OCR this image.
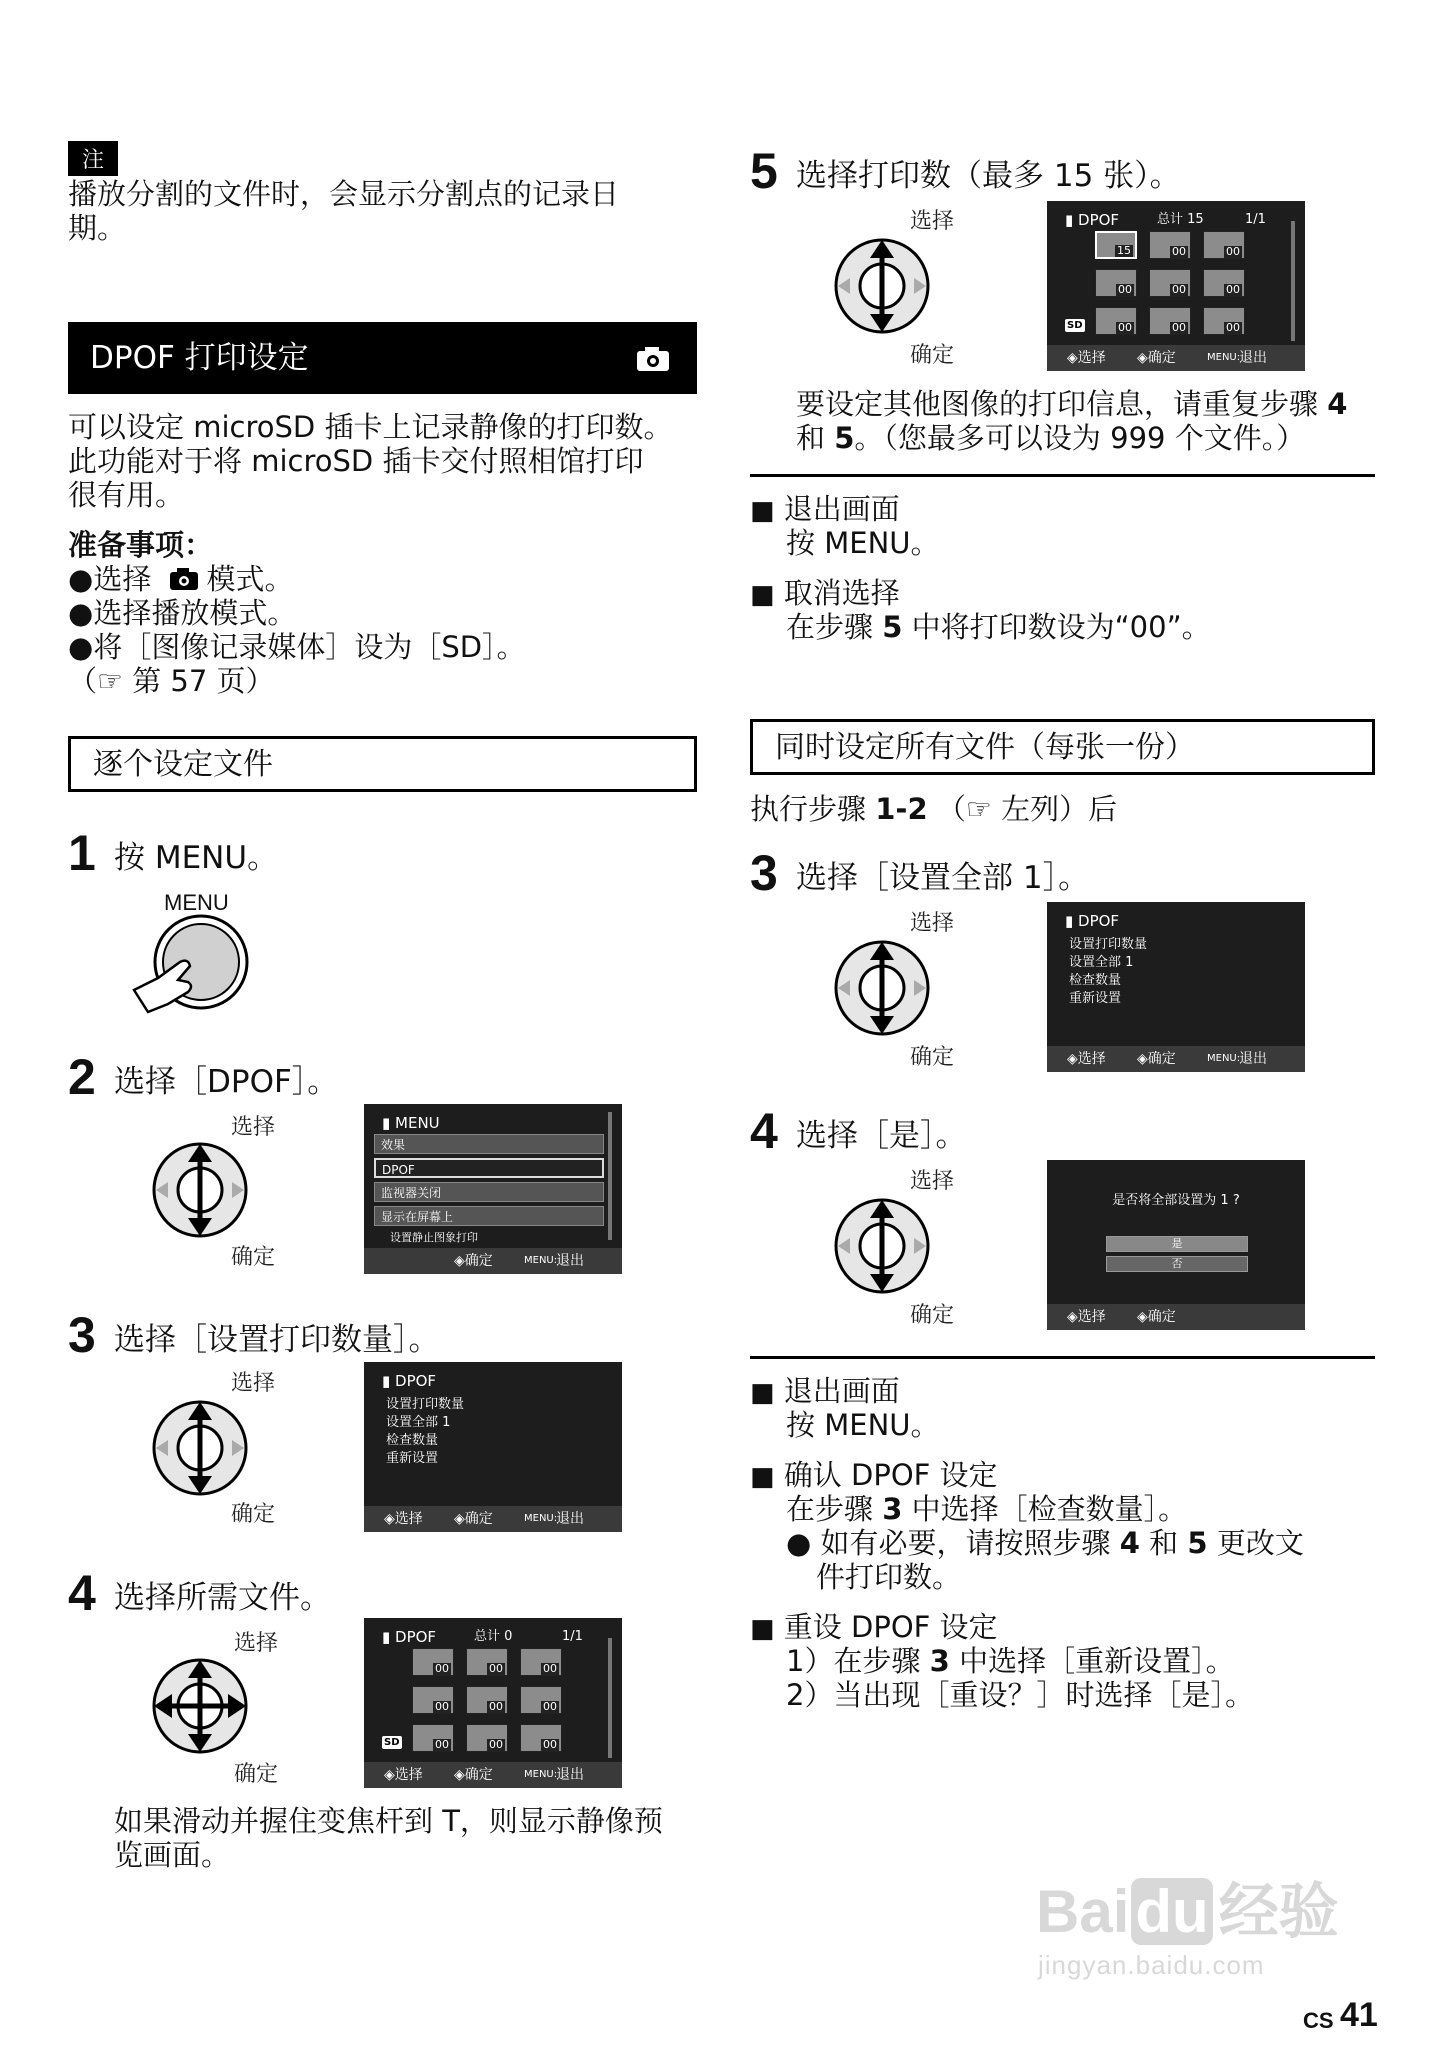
注
播放分割的文件时，会显示分割点的记录日
期。
DPOF 打印设定
可以设定 microSD 插卡上记录静像的打印数。
此功能对于将 microSD 插卡交付照相馆打印
很有用。
准备事项：
●选择 模式。
●选择播放模式。
●将［图像记录媒体］设为［SD］。
（☞ 第 57 页）
逐个设定文件
1 按 MENU。
MENU
2 选择［DPOF］。
选择
确定
▮ MENU
效果
DPOF
监视器关闭
显示在屏幕上
设置静止图象打印
◈确定	MENU:
退出
3 选择［设置打印数量］。
选择
确定
▮ DPOF
设置打印数量
设置全部 1
检查数量
重新设置
◈选择 ◈确定	MENU:
退出
4 选择所需文件。
选择
确定
▮ DPOF	总计 0	1/1
00	00	00
00	00	00
00	00	00
SD
◈选择 ◈确定	MENU:
退出
如果滑动并握住变焦杆到 T，则显示静像预
览画面。
5 选择打印数（最多 15 张）。
选择
确定
▮ DPOF	总计 15	1/1
15	00	00
00	00	00
00	00	00
SD
◈选择 ◈确定	MENU:
退出
要设定其他图像的打印信息，请重复步骤 4
和 5。（您最多可以设为 999 个文件。）
■ 退出画面
按 MENU。
■ 取消选择
在步骤 5 中将打印数设为“00”。
同时设定所有文件（每张一份）
执行步骤 1-2 （☞ 左列）后
3 选择［设置全部 1］。
选择
确定
▮ DPOF
设置打印数量
设置全部 1
检查数量
重新设置
◈选择 ◈确定	MENU:
退出
4 选择［是］。
选择
确定
是否将全部设置为 1 ?
是
否
◈选择 ◈确定
■ 退出画面
按 MENU。
■ 确认 DPOF 设定
在步骤 3 中选择［检查数量］。
● 如有必要，请按照步骤 4 和 5 更改文
件打印数。
■ 重设 DPOF 设定
1）在步骤 3 中选择［重新设置］。
2）当出现［重设？］时选择［是］。
Bai du 经验
jingyan.baidu.com
CS 41
